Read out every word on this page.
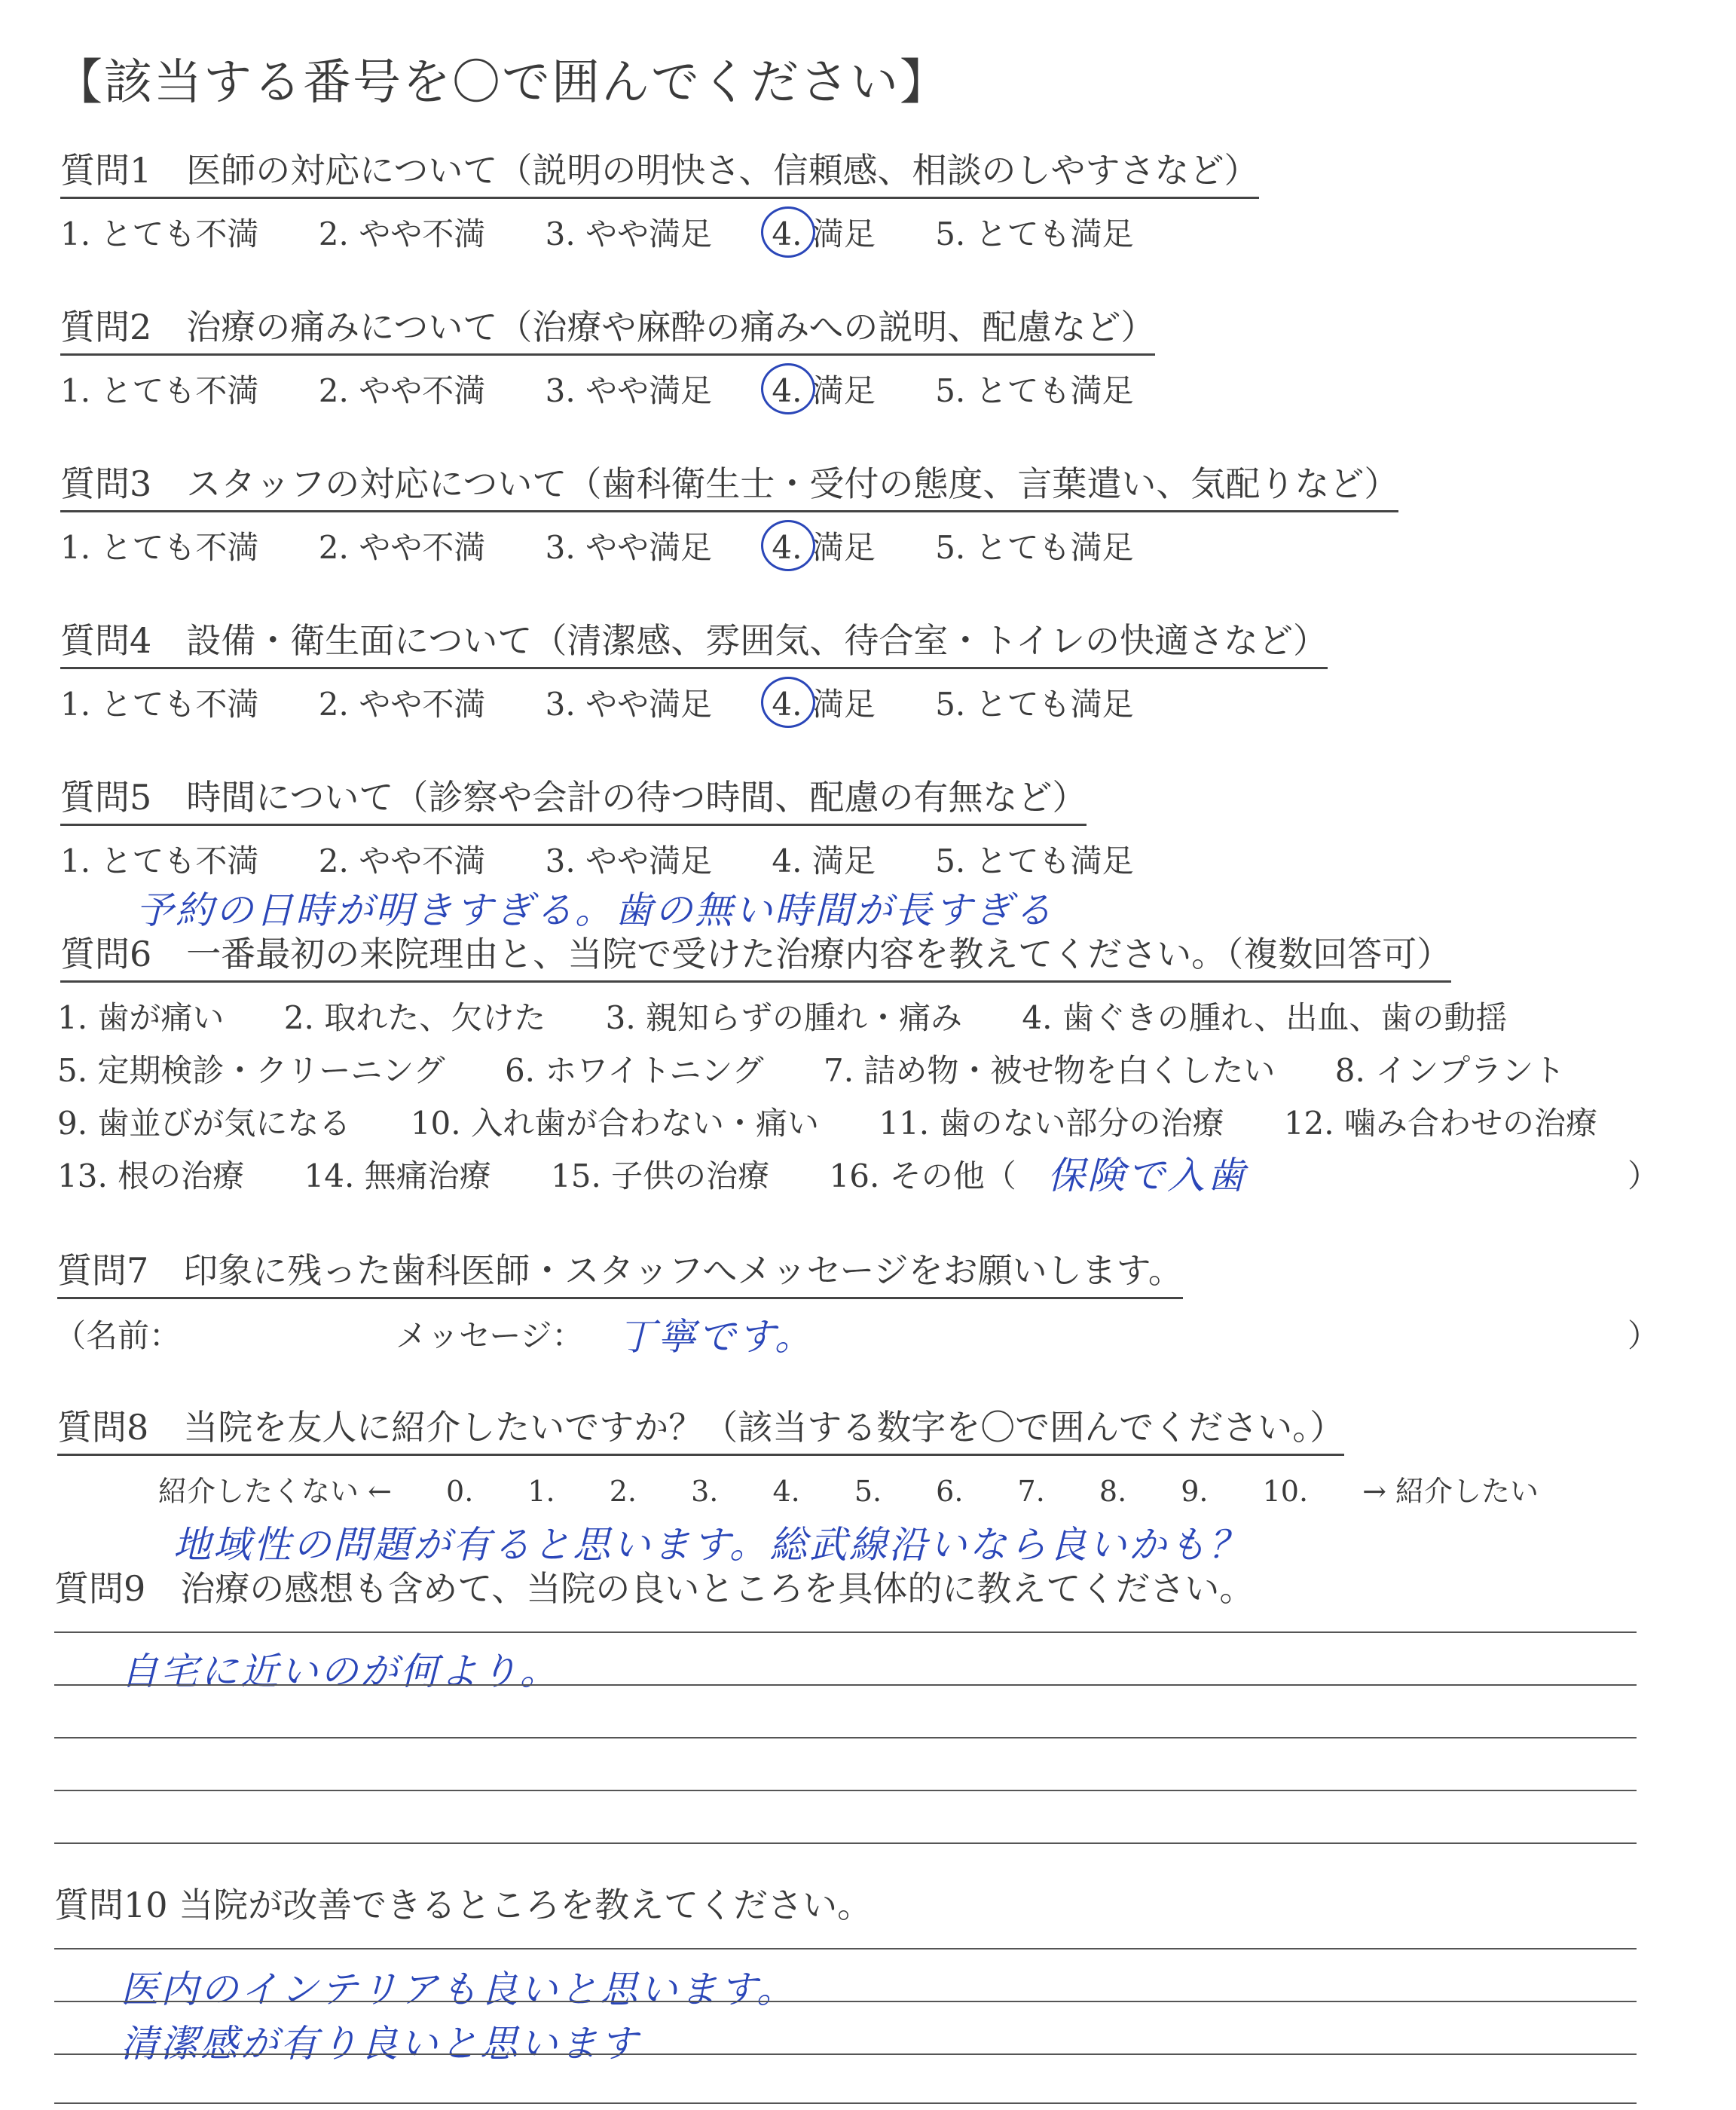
【該当する番号を〇で囲んでください】
質問1　医師の対応について（説明の明快さ、信頼感、相談のしやすさなど）
1. とても不満 2. やや不満 3. やや満足 4. 満足 5. とても満足
質問2　治療の痛みについて（治療や麻酔の痛みへの説明、配慮など）
1. とても不満 2. やや不満 3. やや満足 4. 満足 5. とても満足
質問3　スタッフの対応について（歯科衛生士・受付の態度、言葉遣い、気配りなど）
1. とても不満 2. やや不満 3. やや満足 4. 満足 5. とても満足
質問4　設備・衛生面について（清潔感、雰囲気、待合室・トイレの快適さなど）
1. とても不満 2. やや不満 3. やや満足 4. 満足 5. とても満足
質問5　時間について（診察や会計の待つ時間、配慮の有無など）
1. とても不満 2. やや不満 3. やや満足 4. 満足 5. とても満足
予約の日時が明きすぎる。歯の無い時間が長すぎる
質問6　一番最初の来院理由と、当院で受けた治療内容を教えてください。（複数回答可）
1. 歯が痛い 2. 取れた、欠けた 3. 親知らずの腫れ・痛み 4. 歯ぐきの腫れ、出血、歯の動揺
5. 定期検診・クリーニング 6. ホワイトニング 7. 詰め物・被せ物を白くしたい 8. インプラント
9. 歯並びが気になる 10. 入れ歯が合わない・痛い 11. 歯のない部分の治療 12. 噛み合わせの治療
13. 根の治療 14. 無痛治療 15. 子供の治療 16. その他（ 保険で入歯	）
質問7　印象に残った歯科医師・スタッフへメッセージをお願いします。
（名前：	メッセージ： 丁寧です。	）
質問8　当院を友人に紹介したいですか？（該当する数字を〇で囲んでください。）
紹介したくない ← 0. 1. 2. 3. 4. 5. 6. 7. 8. 9. 10. → 紹介したい
地域性の問題が有ると思います。総武線沿いなら良いかも？
質問9　治療の感想も含めて、当院の良いところを具体的に教えてください。
自宅に近いのが何より。
質問10 当院が改善できるところを教えてください。
医内のインテリアも良いと思います。
清潔感が有り良いと思います
